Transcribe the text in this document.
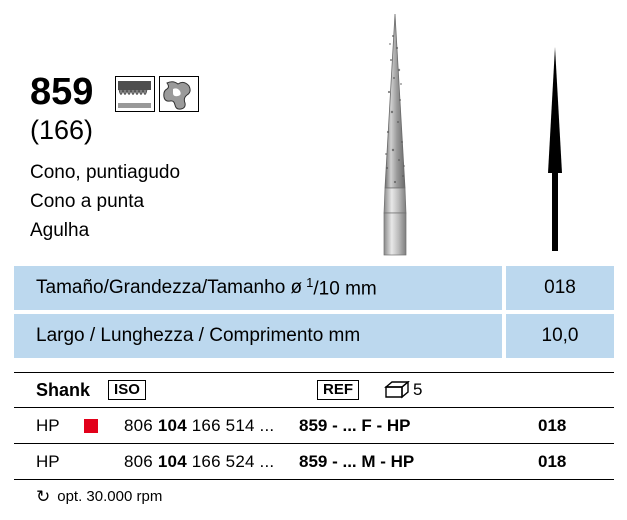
859
(166)
Cono, puntiagudo
Cono a punta
Agulha
Tamaño/Grandezza/Tamanho ø $^1$/10 mm	018
Largo / Lunghezza / Comprimento mm	10,0
Shank	ISO	REF	5
HP	806 104 166 514 ...	859 - ... F - HP	018
HP	806 104 166 524 ...	859 - ... M - HP	018
↻ opt. 30.000 rpm
